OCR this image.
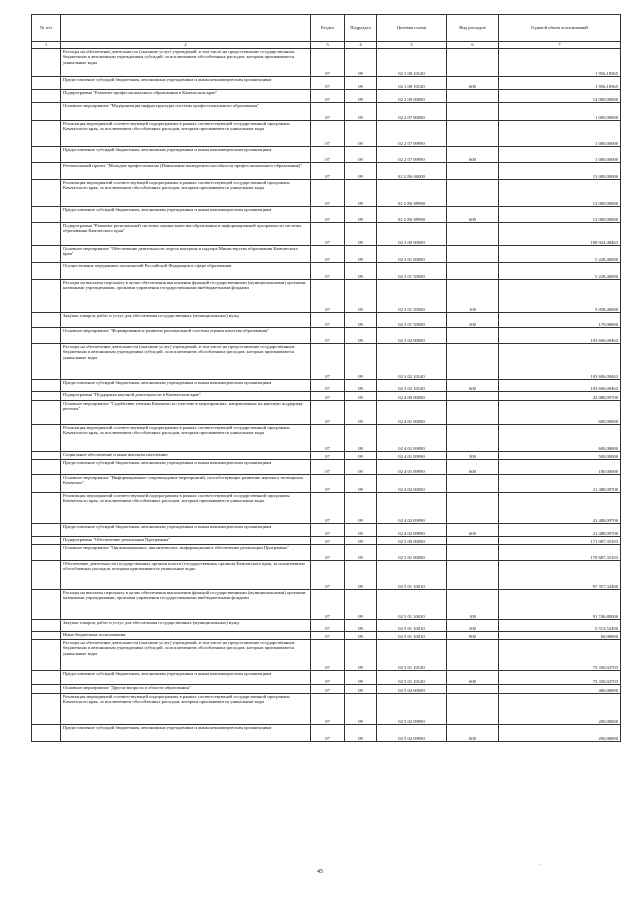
№ п/п		Раздел	Подраздел	Целевая статья	Вид расходов	Годовой объем ассигнований
1	2	3	4	5	6	7
	Расходы на обеспечение деятельности (оказание услуг) учреждений, в том числе на предоставление государственным бюджетным и автономным учреждениям субсидий, за исключением обособленных расходов, которым присваиваются уникальные коды	07	09	02 1 08 10140		1 956,18565
	Предоставление субсидий бюджетным, автономным учреждениям и иным некоммерческим организациям	07	09	02 1 08 10140	600	1 956,18565
	Подпрограмма "Развитие профессионального образования в Камчатском крае"	07	09	02 2 00 00000		14 000,00000
	Основное мероприятие "Модернизация инфраструктуры системы профессионального образования"	07	09	02 2 07 00000		1 000,00000
	Реализация мероприятий соответствующей подпрограммы в рамках соответствующей государственной программы Камчатского края, за исключением обособленных расходов, которым присваиваются уникальные коды	07	09	02 2 07 09990		1 000,00000
	Предоставление субсидий бюджетным, автономным учреждениям и иным некоммерческим организациям	07	09	02 2 07 09990	600	1 000,00000
	Региональный проект "Молодые профессионалы (Повышение конкурентоспособности профессионального образования)"	07	09	02 2 E6 00000		13 000,00000
	Реализация мероприятий соответствующей подпрограммы в рамках соответствующей государственной программы Камчатского края, за исключением обособленных расходов, которым присваиваются уникальные коды	07	09	02 2 E6 09990		13 000,00000
	Предоставление субсидий бюджетным, автономным учреждениям и иным некоммерческим организациям	07	09	02 2 E6 09990	600	13 000,00000
	Подпрограмма "Развитие региональной системы оценки качества образования и информационной прозрачности системы образования Камчатского края"	07	09	02 3 00 00000		108 924,48463
	Основное мероприятие "Обеспечение деятельности отдела контроля и надзора Министерства образования Камчатского края"	07	09	02 3 01 00000		5 228,40000
	Осуществление переданных полномочий Российской Федерации в сфере образования	07	09	02 3 01 59500		5 228,40000
	Расходы на выплаты персоналу в целях обеспечения выполнения функций государственными (муниципальными) органами, казенными учреждениями, органами управления государственными внебюджетными фондами	07	09	02 3 01 59500	100	5 058,40000
	Закупка товаров, работ и услуг для обеспечения государственных (муниципальных) нужд	07	09	02 3 01 59500	200	170,00000
	Основное мероприятие "Формирование и развитие региональной системы оценки качества образования"	07	09	02 3 02 00000		103 696,09463
	Расходы на обеспечение деятельности (оказание услуг) учреждений, в том числе на предоставление государственным бюджетным и автономным учреждениям субсидий, за исключением обособленных расходов, которым присваиваются уникальные коды	07	09	02 3 02 10140		103 696,09463
	Предоставление субсидий бюджетным, автономным учреждениям и иным некоммерческим организациям	07	09	02 3 02 10140	600	103 696,09463
	Подпрограмма "Поддержка научной деятельности в Камчатском крае"	07	09	02 4 00 00000		22 088,09700
	Основное мероприятие "Содействие ученым Камчатки по участию в мероприятиях, направленных на научную поддержку региона"	07	09	02 4 01 00000		600,00000
	Реализация мероприятий соответствующей подпрограммы в рамках соответствующей государственной программы Камчатского края, за исключением обособленных расходов, которым присваиваются уникальные коды	07	09	02 4 01 09990		600,00000
	Социальное обеспечение и иные выплаты населению	07	09	02 4 01 09990	300	500,00000
	Предоставление субсидий бюджетным, автономным учреждениям и иным некоммерческим организациям	07	09	02 4 01 09990	600	100,00000
	Основное мероприятие "Информационное сопровождение мероприятий, способствующих развитию научного потенциала Камчатки"	07	09	02 4 02 00000		21 488,09700
	Реализация мероприятий соответствующей подпрограммы в рамках соответствующей государственной программы Камчатского края, за исключением обособленных расходов, которым присваиваются уникальные коды	07	09	02 4 02 09990		21 488,09700
	Предоставление субсидий бюджетным, автономным учреждениям и иным некоммерческим организациям	07	09	02 4 02 09990	600	21 488,09700
	Подпрограмма "Обеспечение реализации Программы"	07	09	02 5 00 00000		171 087,35103
	Основное мероприятие "Организационное, аналитическое, информационное обеспечение реализации Программы"	07	09	02 5 01 00000		170 687,35103
	Обеспечение деятельности государственных органов власти (государственных органов) Камчатского края, за исключением обособленных расходов, которым присваиваются уникальные коды	07	09	02 5 01 10010		97 357,32400
	Расходы на выплаты персоналу в целях обеспечения выполнения функций государственными (муниципальными) органами, казенными учреждениями, органами управления государственными внебюджетными фондами	07	09	02 5 01 10010	100	91 746,80000
	Закупка товаров, работ и услуг для обеспечения государственных (муниципальных) нужд	07	09	02 5 01 10010	200	5 512,52400
	Иные бюджетные ассигнования	07	09	02 5 01 10010	800	60,00000
	Расходы на обеспечение деятельности (оказание услуг) учреждений, в том числе на предоставление государственным бюджетным и автономным учреждениям субсидий, за исключением обособленных расходов, которым присваиваются уникальные коды	07	09	02 5 01 10140		73 330,02703
	Предоставление субсидий бюджетным, автономным учреждениям и иным некоммерческим организациям	07	09	02 5 01 10140	600	73 330,02703
	Основное мероприятие "Другие вопросы в области образования"	07	09	02 5 02 00000		400,00000
	Реализация мероприятий соответствующей подпрограммы в рамках соответствующей государственной программы Камчатского края, за исключением обособленных расходов, которым присваиваются уникальные коды	07	09	02 5 02 09990		200,00000
	Предоставление субсидий бюджетным, автономным учреждениям и иным некоммерческим организациям	07	09	02 5 02 09990	600	200,00000
45
.
